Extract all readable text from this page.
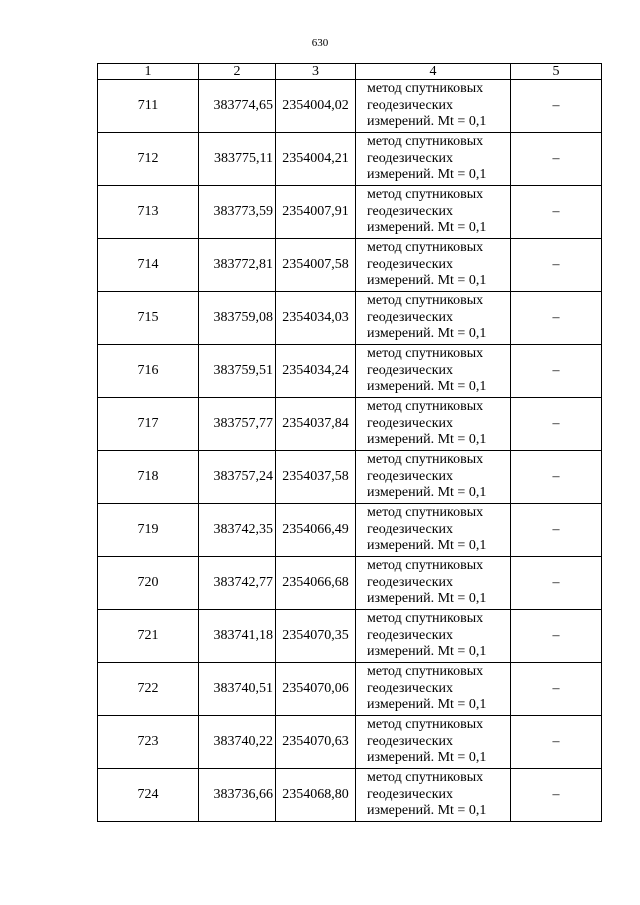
630
1	2	3	4	5
711	383774,65	2354004,02	метод спутниковых
геодезических
измерений. Mt = 0,1	–
712	383775,11	2354004,21	метод спутниковых
геодезических
измерений. Mt = 0,1	–
713	383773,59	2354007,91	метод спутниковых
геодезических
измерений. Mt = 0,1	–
714	383772,81	2354007,58	метод спутниковых
геодезических
измерений. Mt = 0,1	–
715	383759,08	2354034,03	метод спутниковых
геодезических
измерений. Mt = 0,1	–
716	383759,51	2354034,24	метод спутниковых
геодезических
измерений. Mt = 0,1	–
717	383757,77	2354037,84	метод спутниковых
геодезических
измерений. Mt = 0,1	–
718	383757,24	2354037,58	метод спутниковых
геодезических
измерений. Mt = 0,1	–
719	383742,35	2354066,49	метод спутниковых
геодезических
измерений. Mt = 0,1	–
720	383742,77	2354066,68	метод спутниковых
геодезических
измерений. Mt = 0,1	–
721	383741,18	2354070,35	метод спутниковых
геодезических
измерений. Mt = 0,1	–
722	383740,51	2354070,06	метод спутниковых
геодезических
измерений. Mt = 0,1	–
723	383740,22	2354070,63	метод спутниковых
геодезических
измерений. Mt = 0,1	–
724	383736,66	2354068,80	метод спутниковых
геодезических
измерений. Mt = 0,1	–
